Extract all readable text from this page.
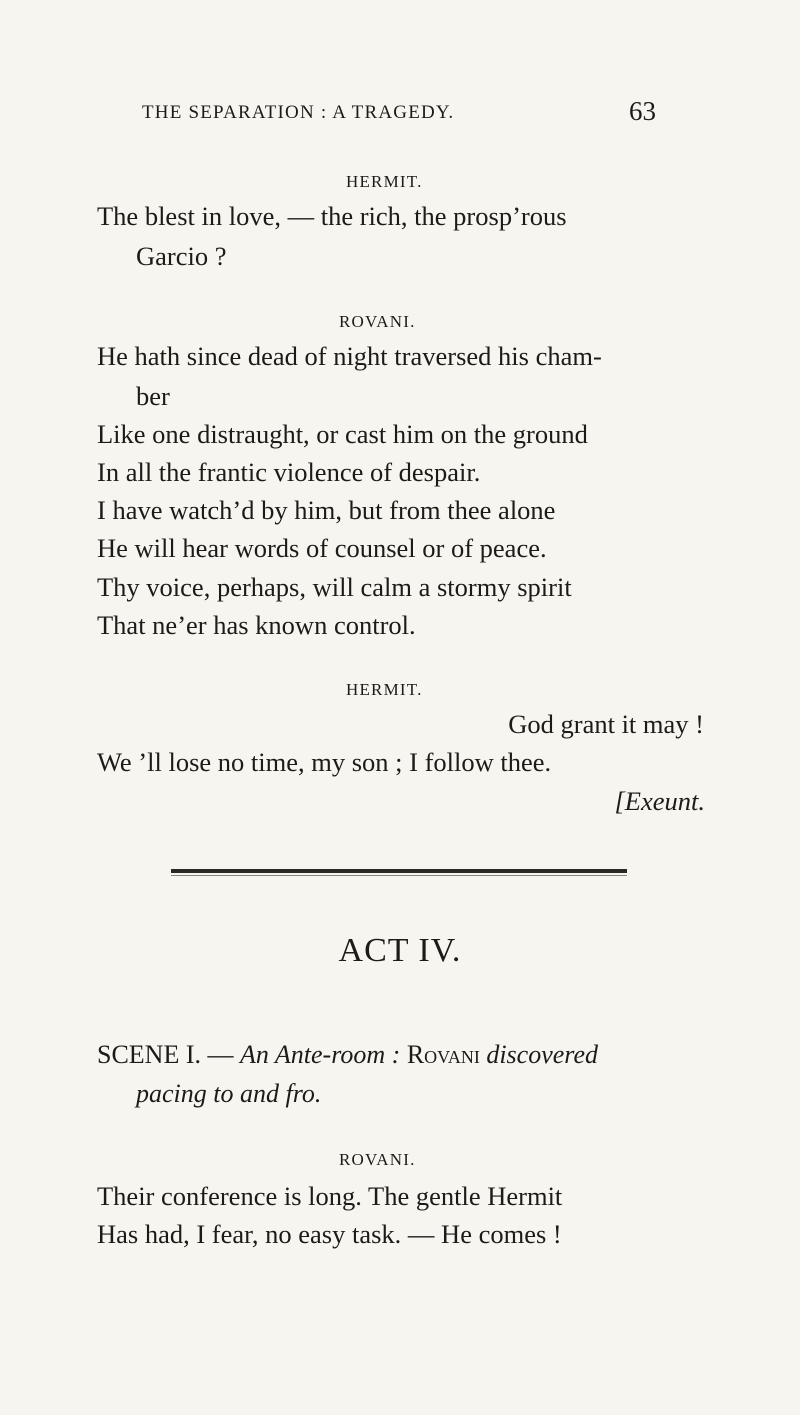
THE SEPARATION : A TRAGEDY.	63
HERMIT.
The blest in love, — the rich, the prosp’rous
Garcio ?
ROVANI.
He hath since dead of night traversed his cham-
ber
Like one distraught, or cast him on the ground
In all the frantic violence of despair.
I have watch’d by him, but from thee alone
He will hear words of counsel or of peace.
Thy voice, perhaps, will calm a stormy spirit
That ne’er has known control.
HERMIT.
God grant it may !
We ’ll lose no time, my son ; I follow thee.
[Exeunt.
ACT IV.
SCENE I. — An Ante-room : Rovani discovered
pacing to and fro.
ROVANI.
Their conference is long. The gentle Hermit
Has had, I fear, no easy task. — He comes !
